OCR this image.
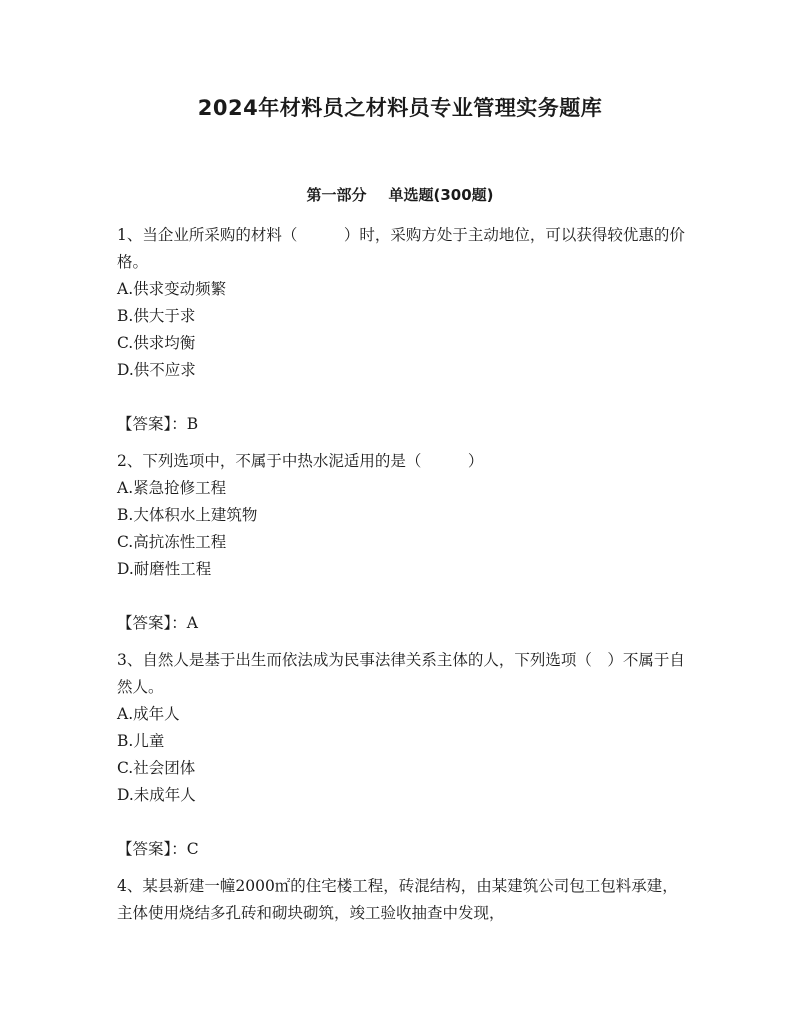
2024年材料员之材料员专业管理实务题库
第一部分 单选题(300题)

1、当企业所采购的材料（　　　）时，采购方处于主动地位，可以获得较优惠的价格。

A.供求变动频繁

B.供大于求

C.供求均衡

D.供不应求

【答案】：B

2、下列选项中，不属于中热水泥适用的是（　　　）

A.紧急抢修工程

B.大体积水上建筑物

C.高抗冻性工程

D.耐磨性工程

【答案】：A

3、自然人是基于出生而依法成为民事法律关系主体的人，下列选项（　）不属于自然人。

A.成年人

B.儿童

C.社会团体

D.未成年人

【答案】：C

4、某县新建一幢2000㎡的住宅楼工程，砖混结构，由某建筑公司包工包料承建，主体使用烧结多孔砖和砌块砌筑，竣工验收抽查中发现，
